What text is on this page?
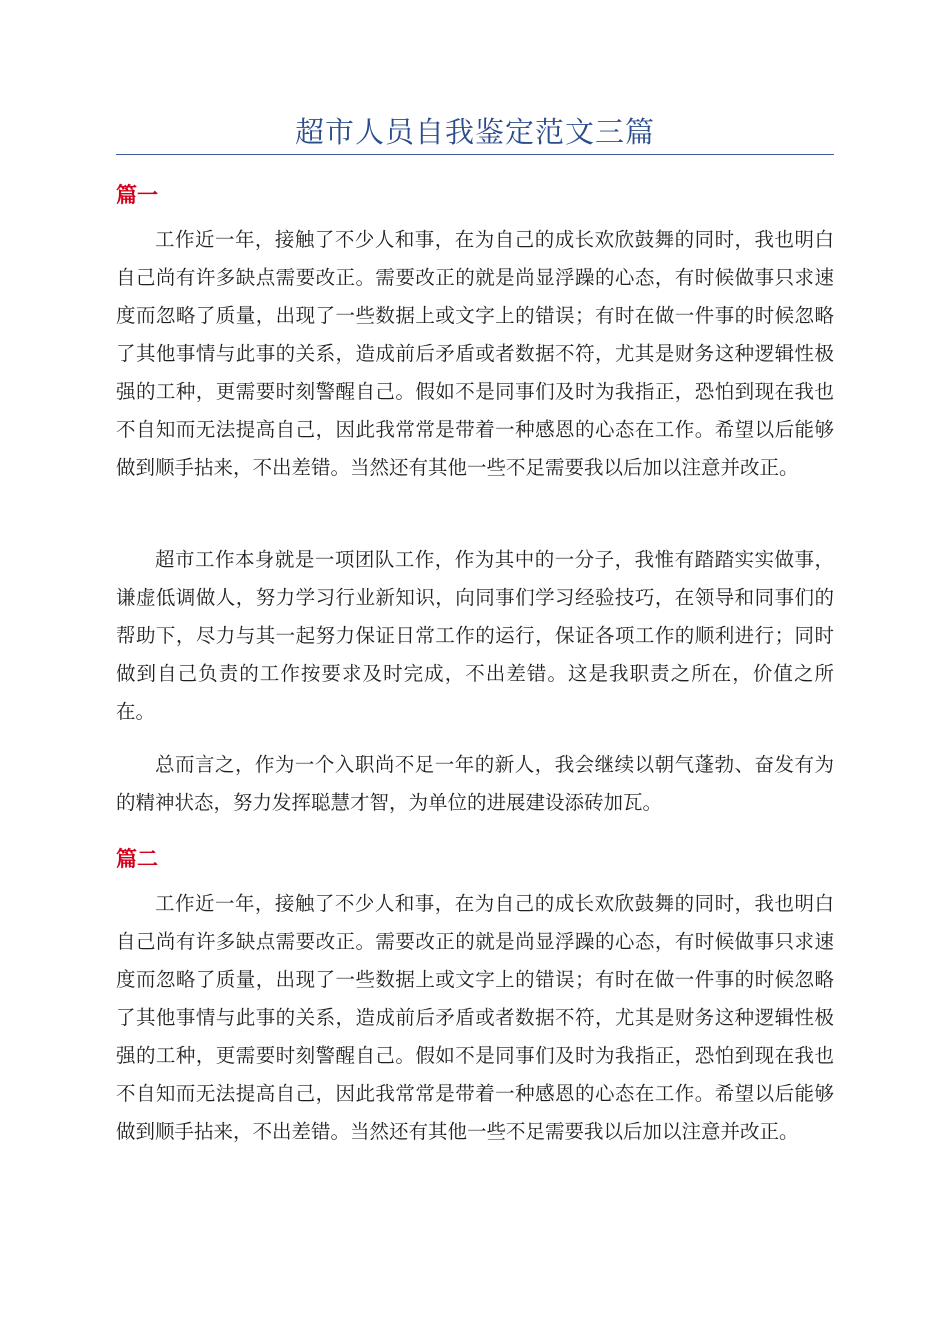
超市人员自我鉴定范文三篇
篇一

工作近一年，接触了不少人和事，在为自己的成长欢欣鼓舞的同时，我也明白自己尚有许多缺点需要改正。需要改正的就是尚显浮躁的心态，有时候做事只求速度而忽略了质量，出现了一些数据上或文字上的错误；有时在做一件事的时候忽略了其他事情与此事的关系，造成前后矛盾或者数据不符，尤其是财务这种逻辑性极强的工种，更需要时刻警醒自己。假如不是同事们及时为我指正，恐怕到现在我也不自知而无法提高自己，因此我常常是带着一种感恩的心态在工作。希望以后能够做到顺手拈来，不出差错。当然还有其他一些不足需要我以后加以注意并改正。

超市工作本身就是一项团队工作，作为其中的一分子，我惟有踏踏实实做事，谦虚低调做人，努力学习行业新知识，向同事们学习经验技巧，在领导和同事们的帮助下，尽力与其一起努力保证日常工作的运行，保证各项工作的顺利进行；同时做到自己负责的工作按要求及时完成，不出差错。这是我职责之所在，价值之所在。

总而言之，作为一个入职尚不足一年的新人，我会继续以朝气蓬勃、奋发有为的精神状态，努力发挥聪慧才智，为单位的进展建设添砖加瓦。

篇二

工作近一年，接触了不少人和事，在为自己的成长欢欣鼓舞的同时，我也明白自己尚有许多缺点需要改正。需要改正的就是尚显浮躁的心态，有时候做事只求速度而忽略了质量，出现了一些数据上或文字上的错误；有时在做一件事的时候忽略了其他事情与此事的关系，造成前后矛盾或者数据不符，尤其是财务这种逻辑性极强的工种，更需要时刻警醒自己。假如不是同事们及时为我指正，恐怕到现在我也不自知而无法提高自己，因此我常常是带着一种感恩的心态在工作。希望以后能够做到顺手拈来，不出差错。当然还有其他一些不足需要我以后加以注意并改正。
